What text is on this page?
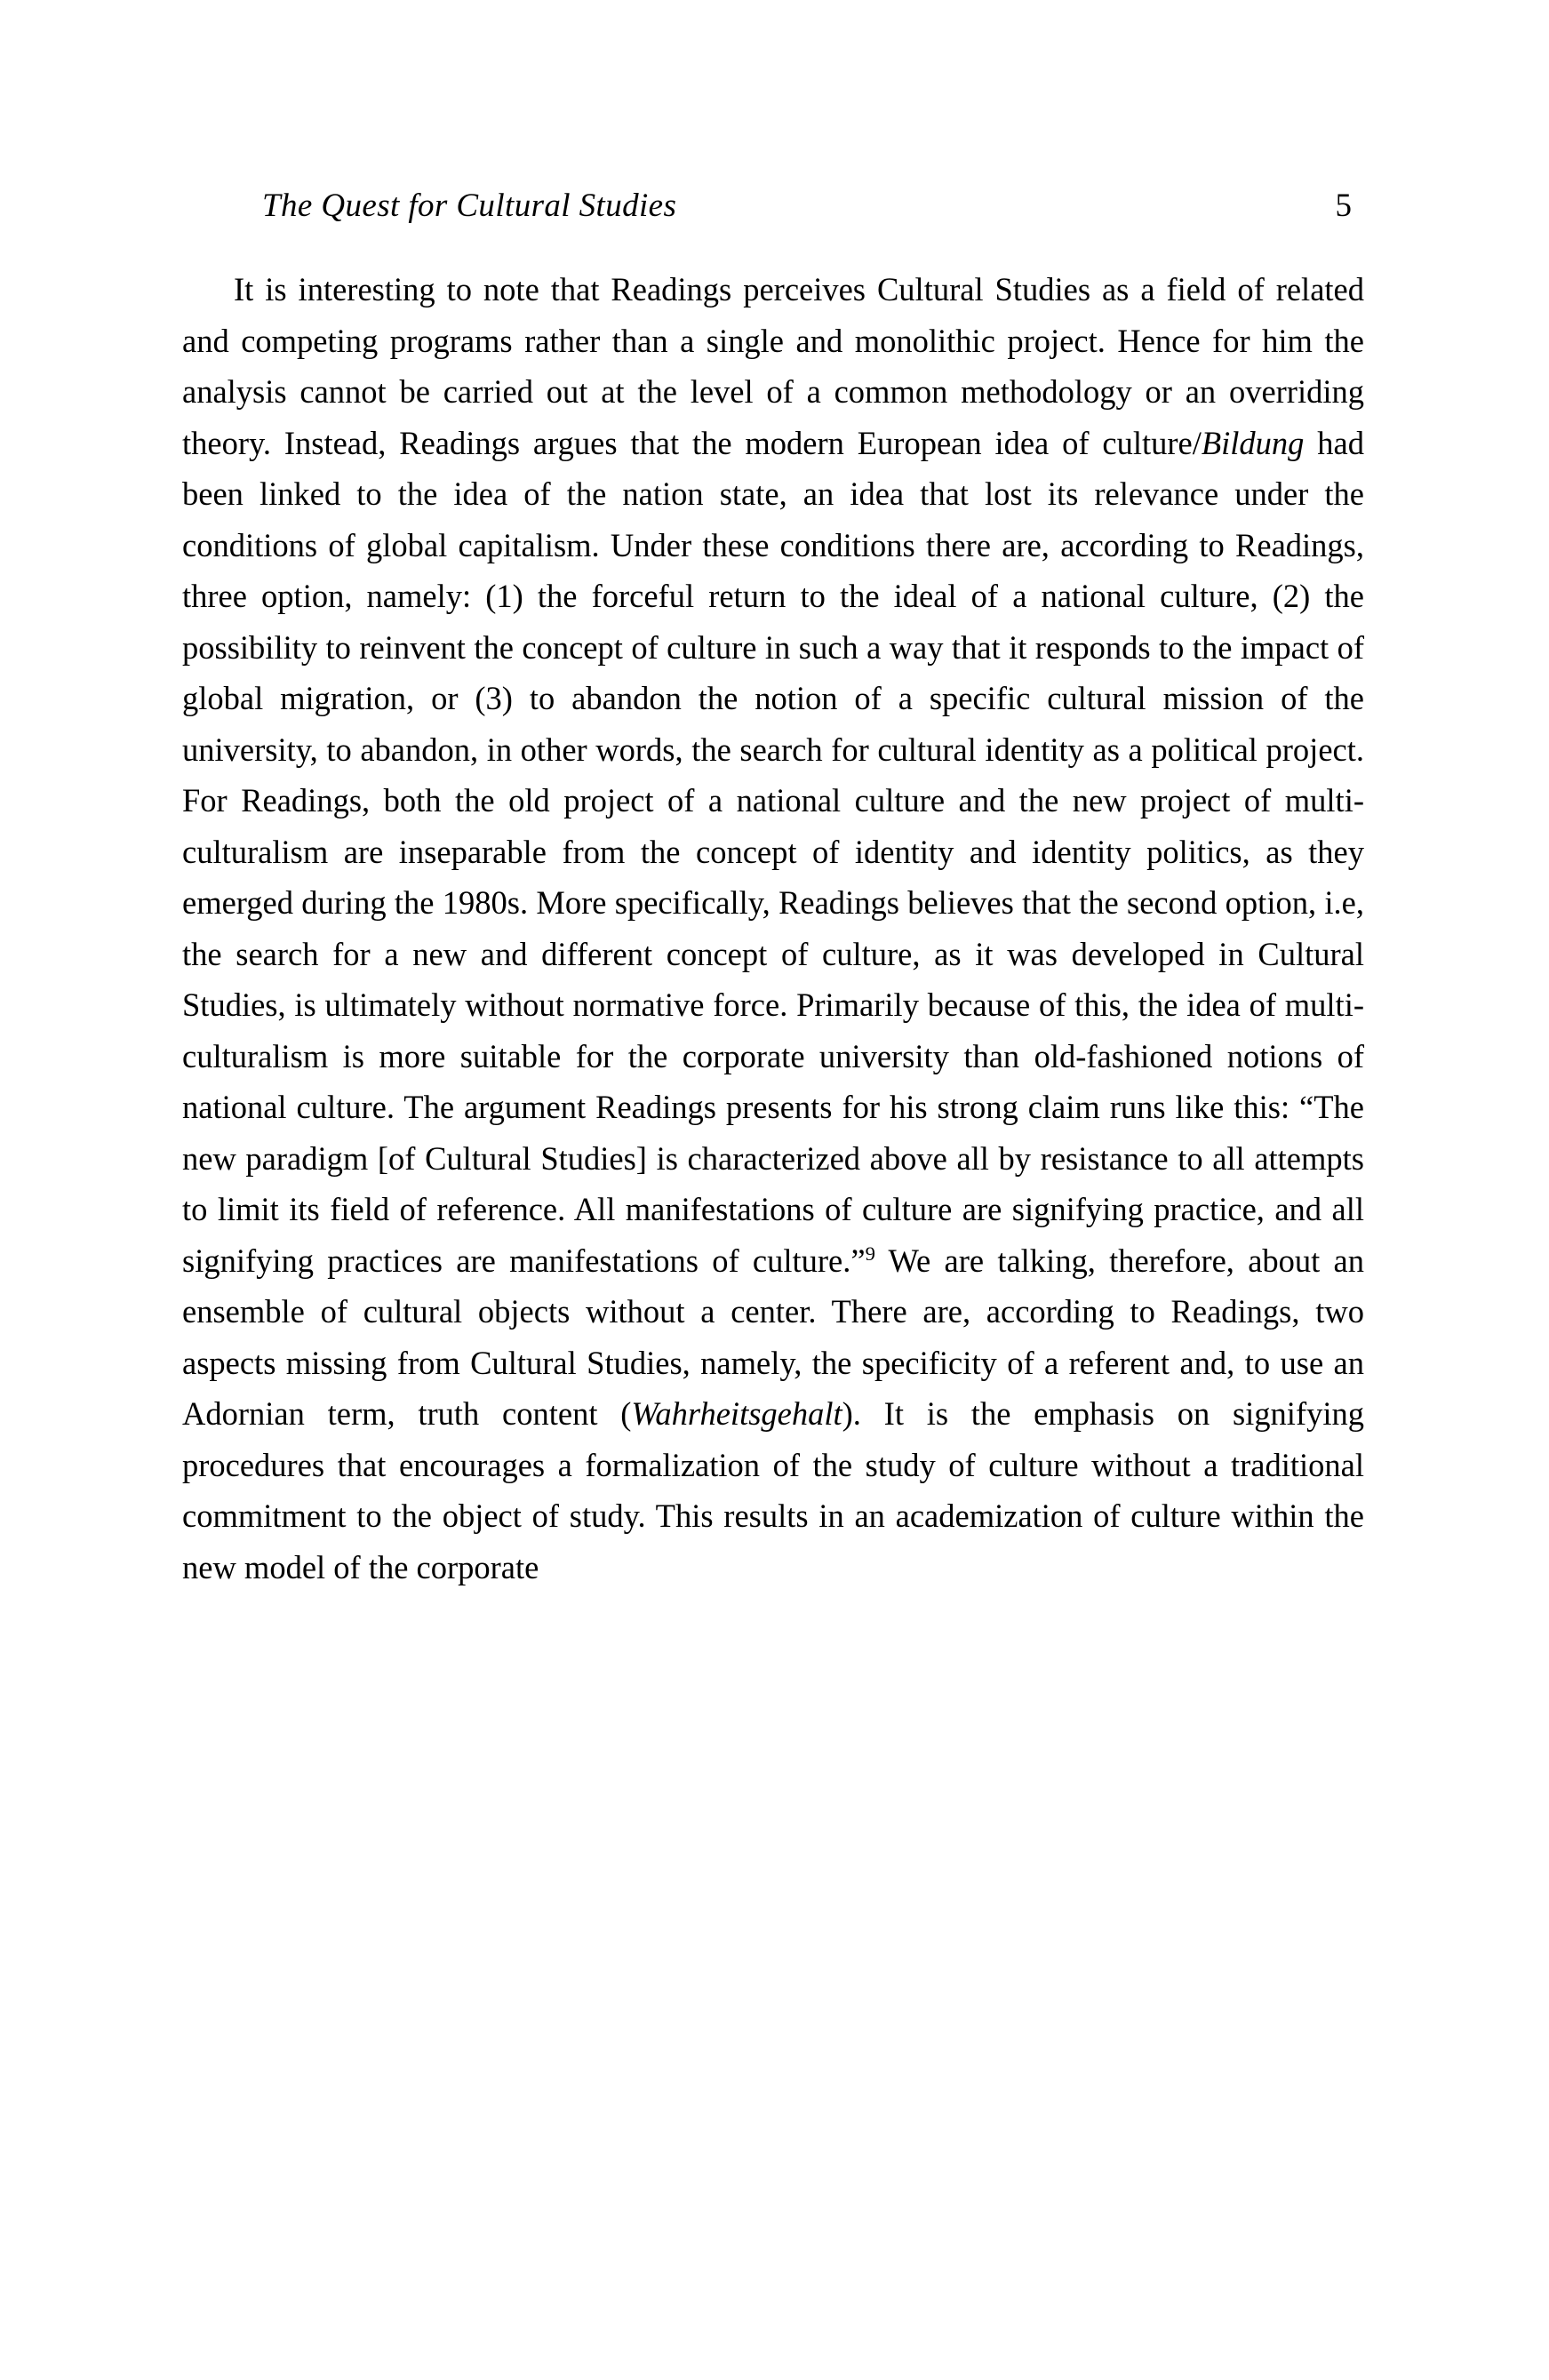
The Quest for Cultural Studies	5

It is interesting to note that Readings perceives Cultural Studies as a field of related and competing programs rather than a single and monolithic project. Hence for him the analysis cannot be carried out at the level of a common methodology or an overriding theory. Instead, Readings argues that the modern European idea of culture/Bildung had been linked to the idea of the nation state, an idea that lost its relevance under the conditions of global capitalism. Under these conditions there are, according to Readings, three option, namely: (1) the forceful return to the ideal of a national culture, (2) the possibility to reinvent the concept of culture in such a way that it responds to the impact of global migration, or (3) to abandon the notion of a specific cultural mission of the university, to abandon, in other words, the search for cultural identity as a political project. For Readings, both the old project of a national culture and the new project of multi-culturalism are inseparable from the concept of identity and identity politics, as they emerged during the 1980s. More specifically, Readings believes that the second option, i.e, the search for a new and different concept of culture, as it was developed in Cultural Studies, is ultimately without normative force. Primarily because of this, the idea of multi-culturalism is more suitable for the corporate university than old-fashioned notions of national culture. The argument Readings presents for his strong claim runs like this: “The new paradigm [of Cultural Studies] is characterized above all by resistance to all attempts to limit its field of reference. All manifestations of culture are signifying practice, and all signifying practices are manifestations of culture.”$^9$ We are talking, therefore, about an ensemble of cultural objects without a center. There are, according to Readings, two aspects missing from Cultural Studies, namely, the specificity of a referent and, to use an Adornian term, truth content (Wahrheitsgehalt). It is the emphasis on signifying procedures that encourages a formalization of the study of culture without a traditional commitment to the object of study. This results in an academization of culture within the new model of the corporate
